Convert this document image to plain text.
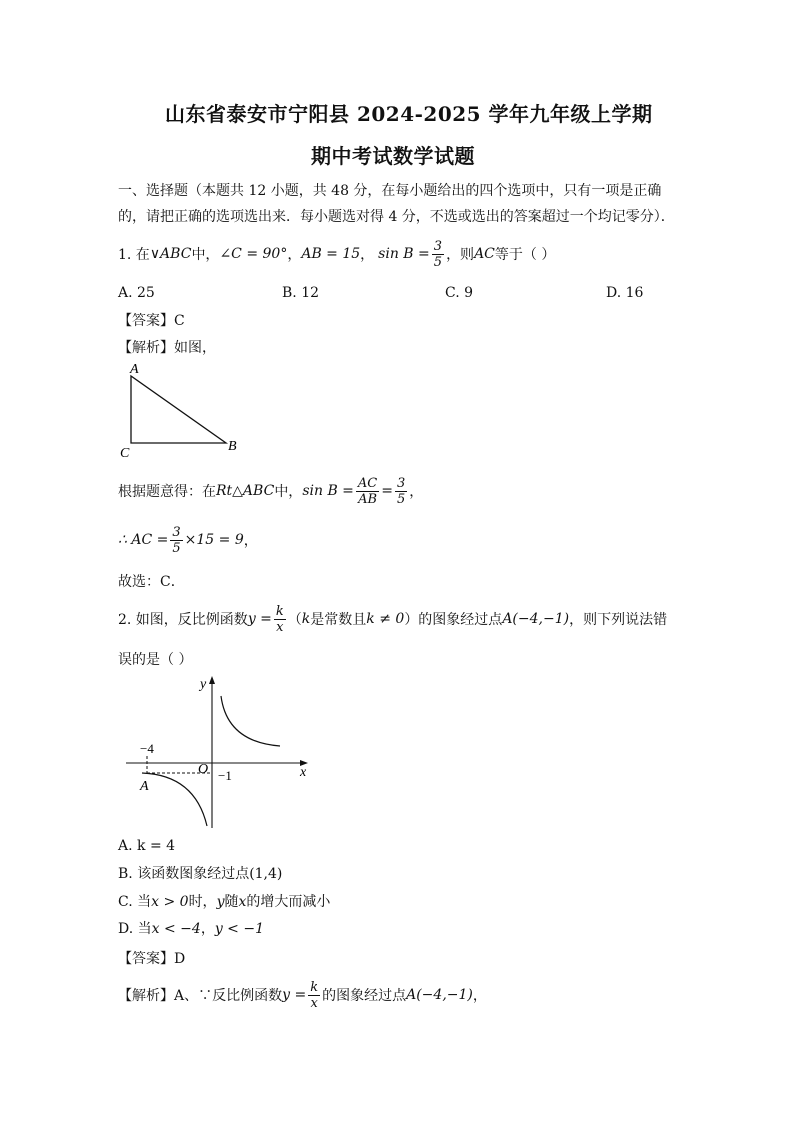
山东省泰安市宁阳县 2024-2025 学年九年级上学期
期中考试数学试题
一、选择题（本题共 12 小题，共 48 分，在每小题给出的四个选项中，只有一项是正确
的，请把正确的选项选出来．每小题选对得 4 分，不选或选出的答案超过一个均记零分）．
1. 在 ∨ABC 中， ∠C = 90° ， AB = 15 ， $\sin B = \frac{3}{5}$ ，则 AC 等于（ ）
A. 25	B. 12	C. 9	D. 16
【答案】C
【解析】如图，
A
B
C
根据题意得：在 Rt△ABC 中， $\sin B = \frac{AC}{AB} = \frac{3}{5}$ ，
∴ AC = $\frac{3}{5} \times 15 = 9$ ，
故选：C．
2. 如图，反比例函数 $y = \frac{k}{x}$ （ k 是常数且 k ≠ 0 ）的图象经过点 A(−4,−1) ，则下列说法错
误的是（ ）
y
x
O
−4
−1
A
A. k = 4
B. 该函数图象经过点(1,4)
C. 当x > 0时，y随x的增大而减小
D. 当x < −4，y < −1
【答案】D
【解析】A、∵反比例函数 $y = \frac{k}{x}$ 的图象经过点 A(−4,−1) ，
